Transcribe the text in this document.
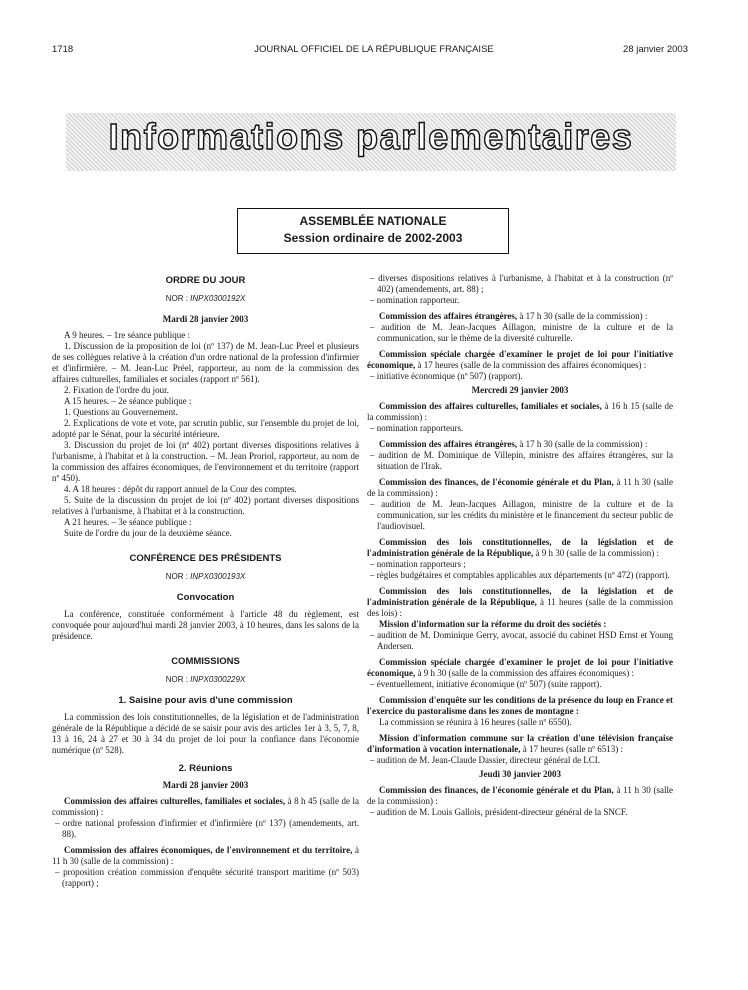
1718	JOURNAL OFFICIEL DE LA RÉPUBLIQUE FRANÇAISE	28 janvier 2003
Informations parlementaires
ASSEMBLÉE NATIONALE
Session ordinaire de 2002-2003
ORDRE DU JOUR
NOR : INPX0300192X
Mardi 28 janvier 2003

A 9 heures. – 1re séance publique :

1. Discussion de la proposition de loi (nº 137) de M. Jean-Luc Preel et plusieurs de ses collègues relative à la création d'un ordre national de la profession d'infirmier et d'infirmière. – M. Jean-Luc Préel, rapporteur, au nom de la commission des affaires culturelles, familiales et sociales (rapport nº 561).

2. Fixation de l'ordre du jour.

A 15 heures. – 2e séance publique :

1. Questions au Gouvernement.

2. Explications de vote et vote, par scrutin public, sur l'ensemble du projet de loi, adopté par le Sénat, pour la sécurité intérieure.

3. Discussion du projet de loi (nº 402) portant diverses dispositions relatives à l'urbanisme, à l'habitat et à la construction. – M. Jean Proriol, rapporteur, au nom de la commission des affaires économiques, de l'environnement et du territoire (rapport nº 450).

4. A 18 heures : dépôt du rapport annuel de la Cour des comptes.

5. Suite de la discussion du projet de loi (nº 402) portant diverses dispositions relatives à l'urbanisme, à l'habitat et à la construction.

A 21 heures. – 3e séance publique :

Suite de l'ordre du jour de la deuxième séance.

CONFÉRENCE DES PRÉSIDENTS
NOR : INPX0300193X
Convocation

La conférence, constituée conformément à l'article 48 du règlement, est convoquée pour aujourd'hui mardi 28 janvier 2003, à 10 heures, dans les salons de la présidence.

COMMISSIONS
NOR : INPX0300229X
1. Saisine pour avis d'une commission

La commission des lois constitutionnelles, de la législation et de l'administration générale de la République a décidé de se saisir pour avis des articles 1er à 3, 5, 7, 8, 13 à 16, 24 à 27 et 30 à 34 du projet de loi pour la confiance dans l'économie numérique (nº 528).

2. Réunions
Mardi 28 janvier 2003

Commission des affaires culturelles, familiales et sociales, à 8 h 45 (salle de la commission) :

– ordre national profession d'infirmier et d'infirmière (nº 137) (amendements, art. 88).

Commission des affaires économiques, de l'environnement et du territoire, à 11 h 30 (salle de la commission) :

– proposition création commission d'enquête sécurité transport maritime (nº 503) (rapport) ;

– diverses dispositions relatives à l'urbanisme, à l'habitat et à la construction (nº 402) (amendements, art. 88) ;

– nomination rapporteur.

Commission des affaires étrangères, à 17 h 30 (salle de la commission) :

– audition de M. Jean-Jacques Aillagon, ministre de la culture et de la communication, sur le thème de la diversité culturelle.

Commission spéciale chargée d'examiner le projet de loi pour l'initiative économique, à 17 heures (salle de la commission des affaires économiques) :

– initiative économique (nº 507) (rapport).

Mercredi 29 janvier 2003

Commission des affaires culturelles, familiales et sociales, à 16 h 15 (salle de la commission) :

– nomination rapporteurs.

Commission des affaires étrangères, à 17 h 30 (salle de la commission) :

– audition de M. Dominique de Villepin, ministre des affaires étrangères, sur la situation de l'Irak.

Commission des finances, de l'économie générale et du Plan, à 11 h 30 (salle de la commission) :

– audition de M. Jean-Jacques Aillagon, ministre de la culture et de la communication, sur les crédits du ministère et le financement du secteur public de l'audiovisuel.

Commission des lois constitutionnelles, de la législation et de l'administration générale de la République, à 9 h 30 (salle de la commission) :

– nomination rapporteurs ;

– règles budgétaires et comptables applicables aux départements (nº 472) (rapport).

Commission des lois constitutionnelles, de la législation et de l'administration générale de la République, à 11 heures (salle de la commission des lois) :

Mission d'information sur la réforme du droit des sociétés :

– audition de M. Dominique Gerry, avocat, associé du cabinet HSD Ernst et Young Andersen.

Commission spéciale chargée d'examiner le projet de loi pour l'initiative économique, à 9 h 30 (salle de la commission des affaires économiques) :

– éventuellement, initiative économique (nº 507) (suite rapport).

Commission d'enquête sur les conditions de la présence du loup en France et l'exercice du pastoralisme dans les zones de montagne :

La commission se réunira à 16 heures (salle nº 6550).

Mission d'information commune sur la création d'une télévision française d'information à vocation internationale, à 17 heures (salle nº 6513) :

– audition de M. Jean-Claude Dassier, directeur général de LCI.

Jeudi 30 janvier 2003

Commission des finances, de l'économie générale et du Plan, à 11 h 30 (salle de la commission) :

– audition de M. Louis Gallois, président-directeur général de la SNCF.
